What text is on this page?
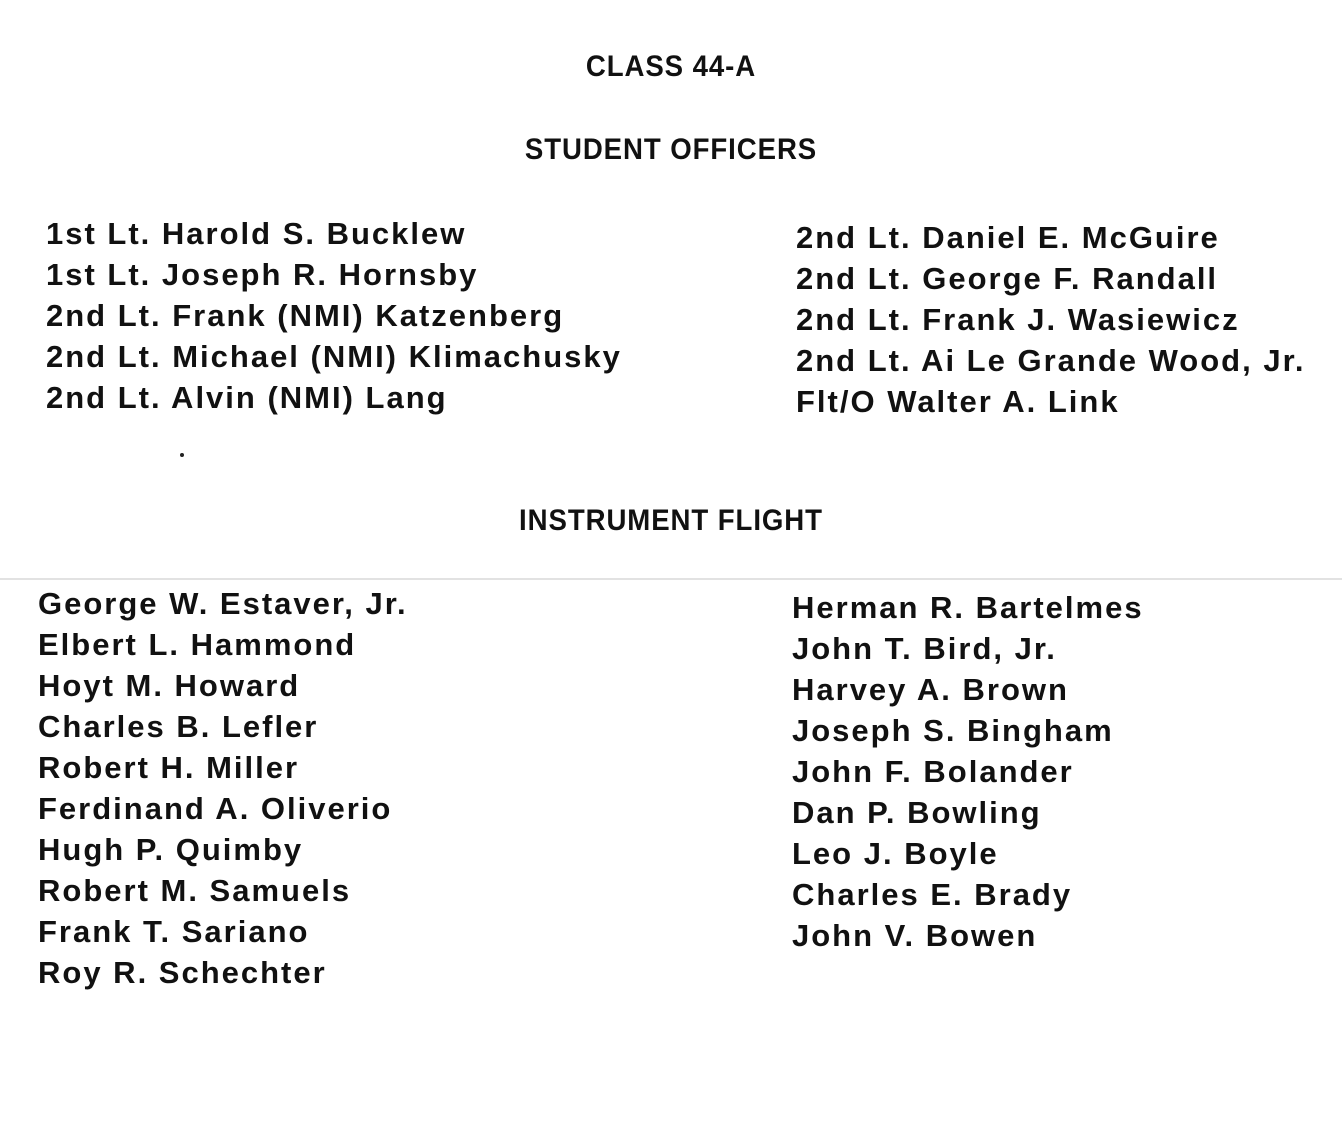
CLASS 44-A
STUDENT OFFICERS
1st Lt. Harold S. Bucklew
1st Lt. Joseph R. Hornsby
2nd Lt. Frank (NMI) Katzenberg
2nd Lt. Michael (NMI) Klimachusky
2nd Lt. Alvin (NMI) Lang
2nd Lt. Daniel E. McGuire
2nd Lt. George F. Randall
2nd Lt. Frank J. Wasiewicz
2nd Lt. Ai Le Grande Wood, Jr.
Flt/O Walter A. Link
INSTRUMENT FLIGHT
George W. Estaver, Jr.
Elbert L. Hammond
Hoyt M. Howard
Charles B. Lefler
Robert H. Miller
Ferdinand A. Oliverio
Hugh P. Quimby
Robert M. Samuels
Frank T. Sariano
Roy R. Schechter
Herman R. Bartelmes
John T. Bird, Jr.
Harvey A. Brown
Joseph S. Bingham
John F. Bolander
Dan P. Bowling
Leo J. Boyle
Charles E. Brady
John V. Bowen
